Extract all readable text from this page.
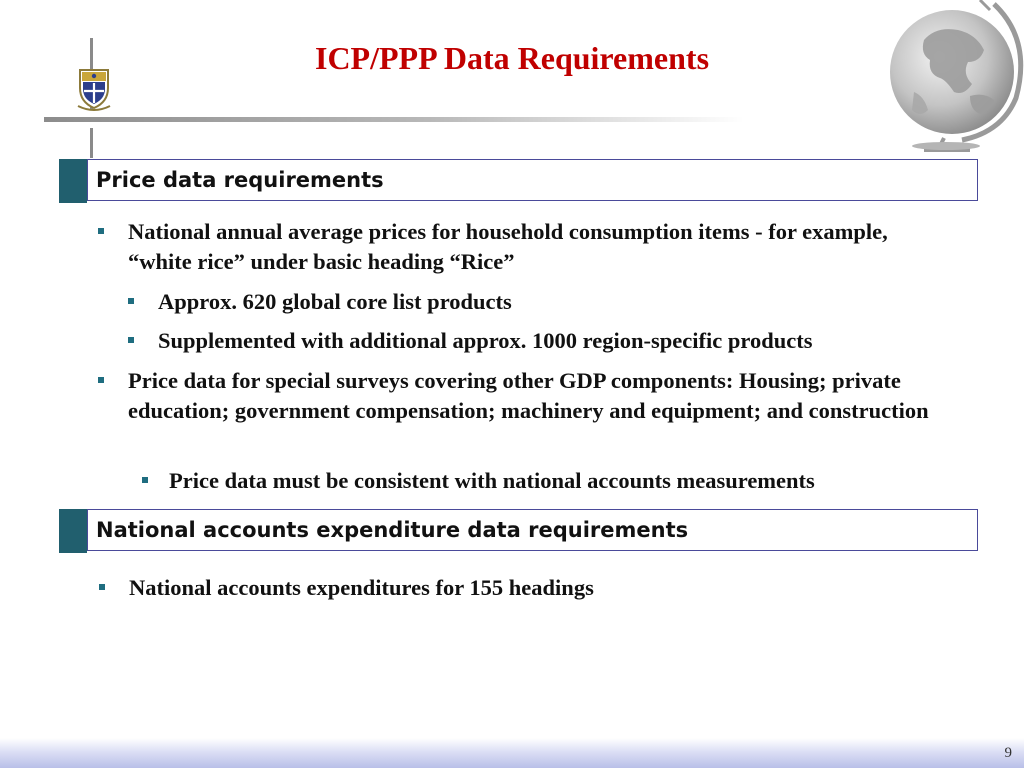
ICP/PPP Data Requirements
Price data requirements
National annual average prices for household consumption items - for example, “white rice” under basic heading “Rice”
Approx. 620 global core list products
Supplemented with additional approx. 1000 region-specific products
Price data for special surveys covering other GDP components: Housing; private education; government compensation; machinery and equipment; and construction
Price data must be consistent with national accounts measurements
National accounts expenditure data requirements
National accounts expenditures for 155 headings
9
